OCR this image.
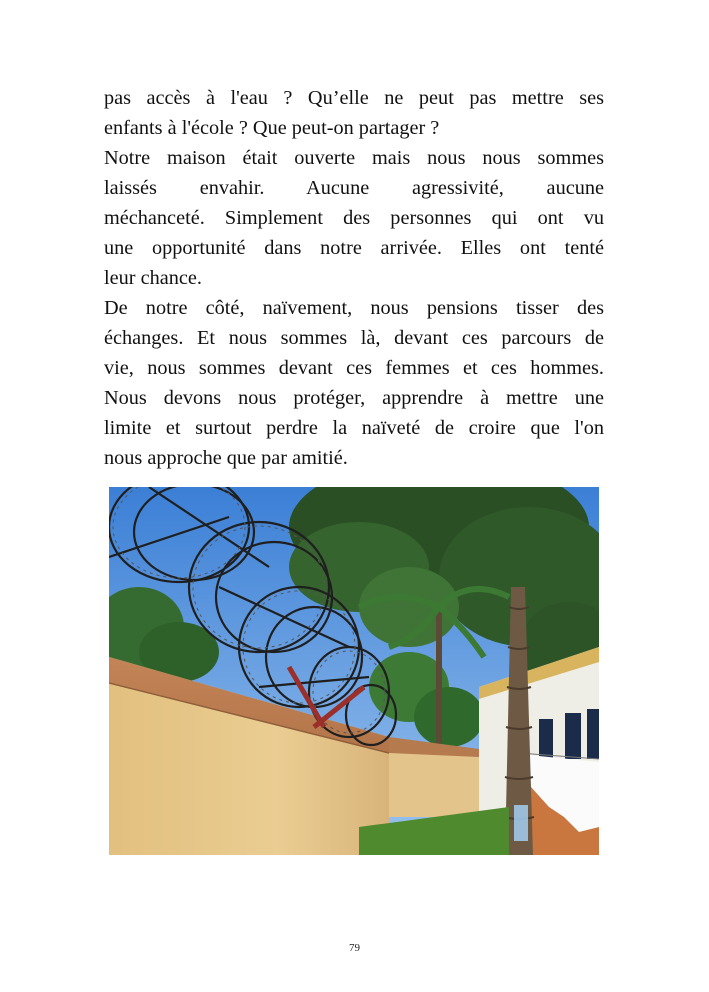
pas accès à l'eau ? Qu’elle ne peut pas mettre ses
enfants à l'école ? Que peut-on partager ?
Notre maison était ouverte mais nous nous sommes
laissés envahir. Aucune agressivité, aucune
méchanceté. Simplement des personnes qui ont vu
une opportunité dans notre arrivée. Elles ont tenté
leur chance.
De notre côté, naïvement, nous pensions tisser des
échanges. Et nous sommes là, devant ces parcours de
vie, nous sommes devant ces femmes et ces hommes.
Nous devons nous protéger, apprendre à mettre une
limite et surtout perdre la naïveté de croire que l'on
nous approche que par amitié.
79
